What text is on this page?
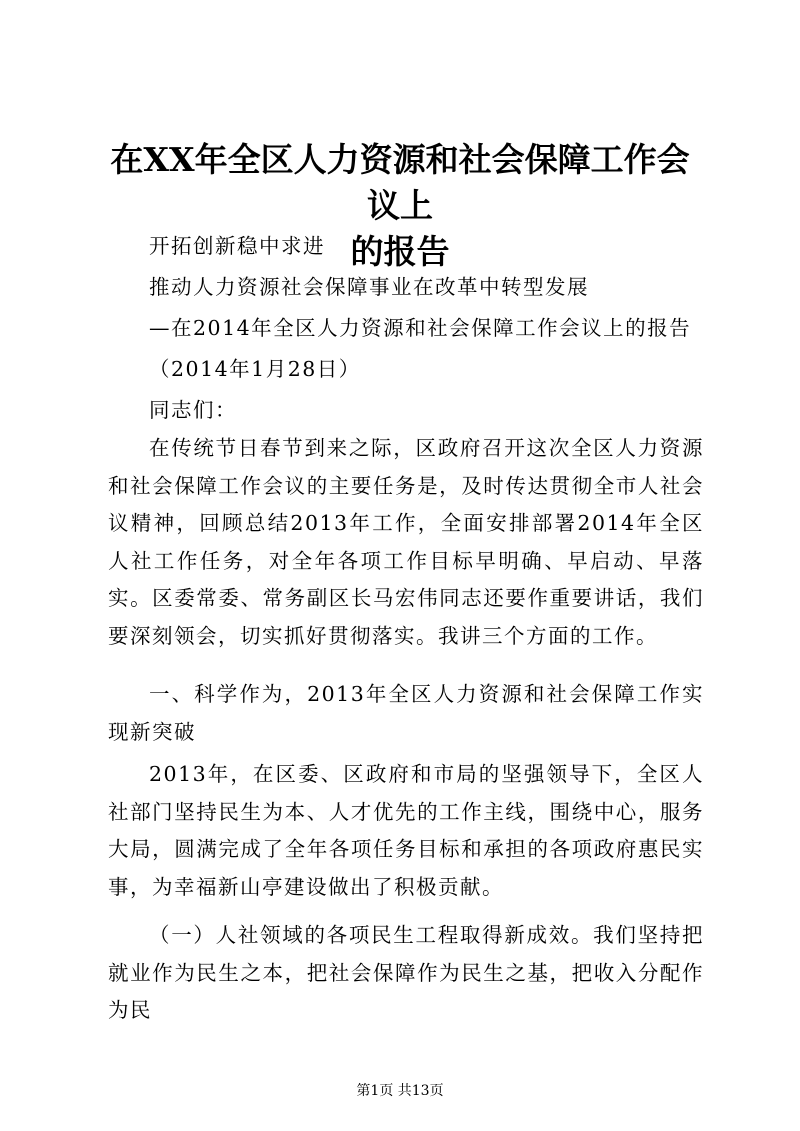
在XX年全区人力资源和社会保障工作会议上
的报告

开拓创新稳中求进

推动人力资源社会保障事业在改革中转型发展

—在2014年全区人力资源和社会保障工作会议上的报告

（2014年1月28日）

同志们：

在传统节日春节到来之际，区政府召开这次全区人力资源和社会保障工作会议的主要任务是，及时传达贯彻全市人社会议精神，回顾总结2013年工作，全面安排部署2014年全区人社工作任务，对全年各项工作目标早明确、早启动、早落实。区委常委、常务副区长马宏伟同志还要作重要讲话，我们要深刻领会，切实抓好贯彻落实。我讲三个方面的工作。

一、科学作为，2013年全区人力资源和社会保障工作实现新突破

2013年，在区委、区政府和市局的坚强领导下，全区人社部门坚持民生为本、人才优先的工作主线，围绕中心，服务大局，圆满完成了全年各项任务目标和承担的各项政府惠民实事，为幸福新山亭建设做出了积极贡献。

（一）人社领域的各项民生工程取得新成效。我们坚持把就业作为民生之本，把社会保障作为民生之基，把收入分配作为民

第1页 共13页
